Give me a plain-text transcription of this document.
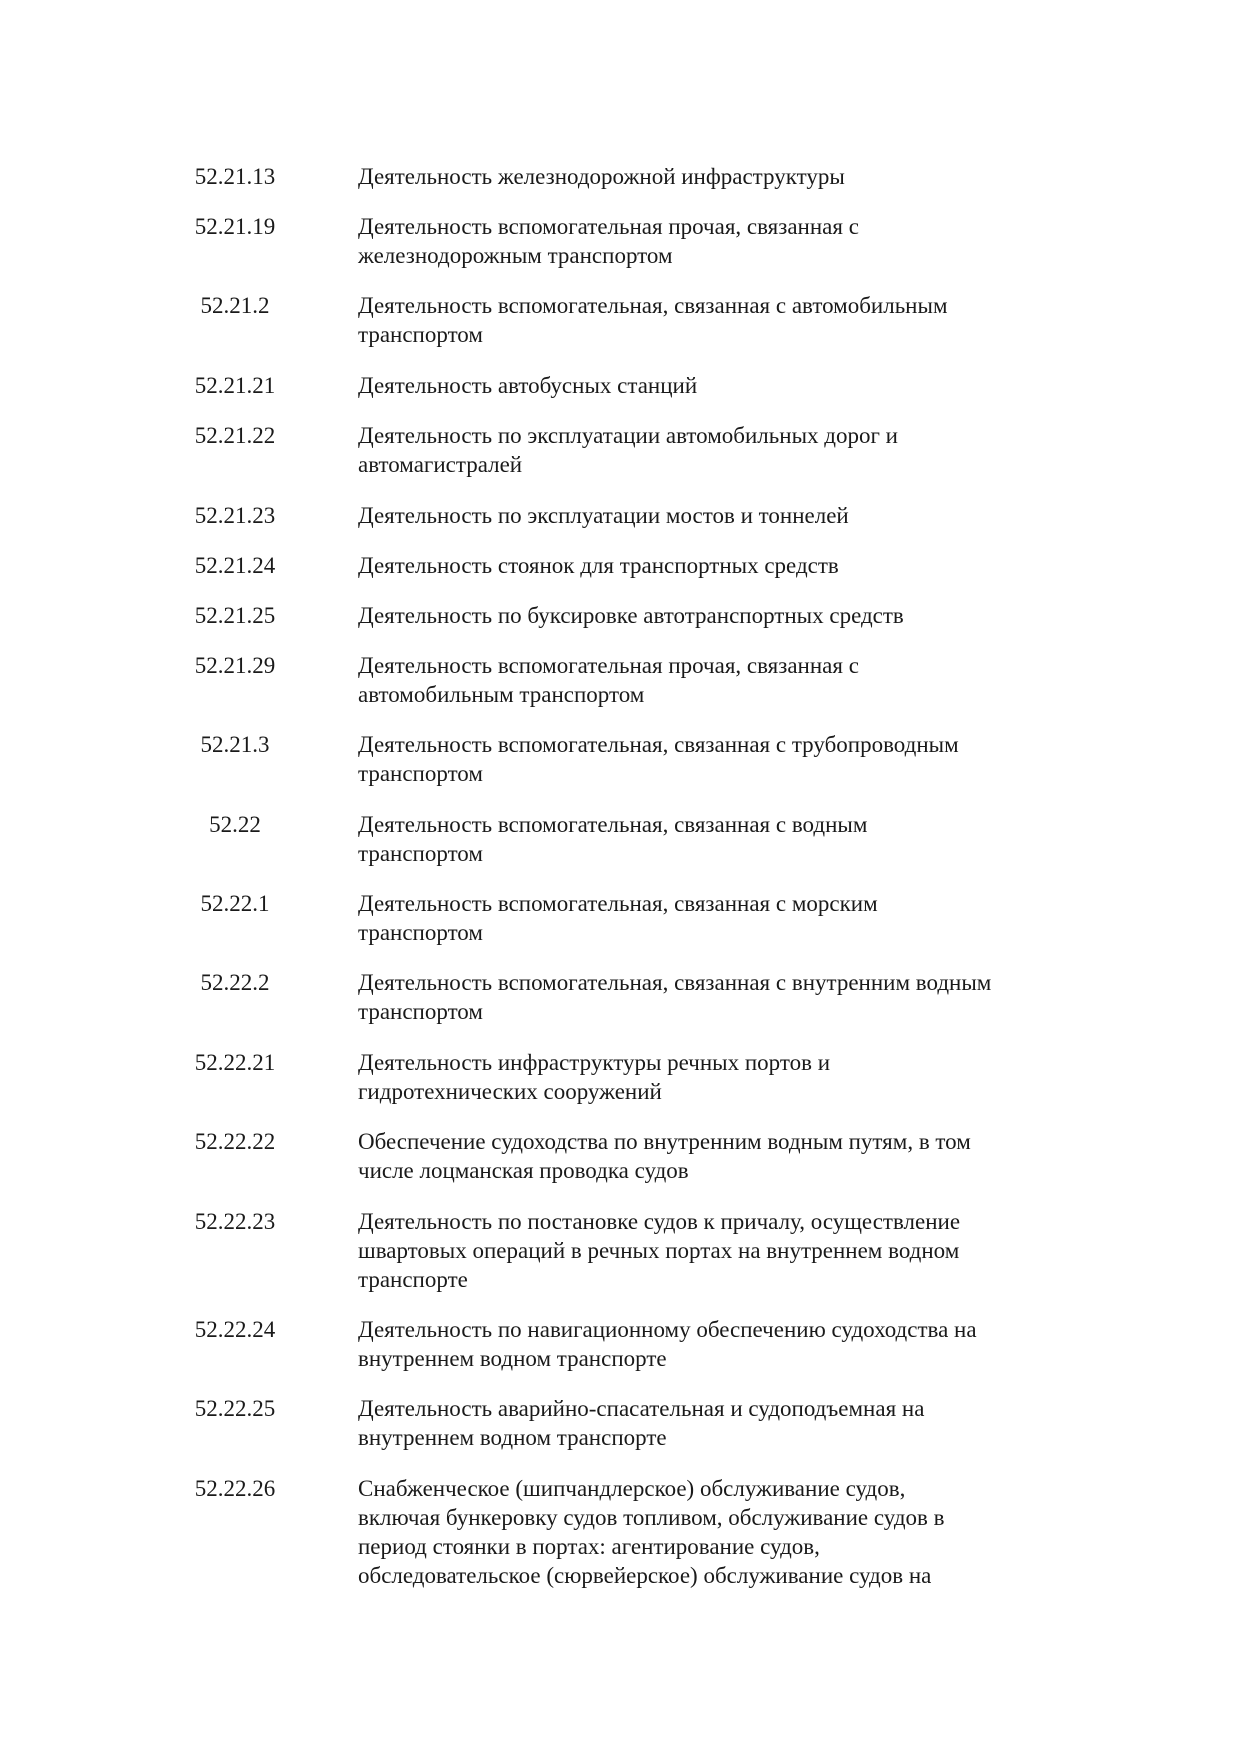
52.21.13	Деятельность железнодорожной инфраструктуры
52.21.19	Деятельность вспомогательная прочая, связанная с
железнодорожным транспортом
52.21.2	Деятельность вспомогательная, связанная с автомобильным
транспортом
52.21.21	Деятельность автобусных станций
52.21.22	Деятельность по эксплуатации автомобильных дорог и
автомагистралей
52.21.23	Деятельность по эксплуатации мостов и тоннелей
52.21.24	Деятельность стоянок для транспортных средств
52.21.25	Деятельность по буксировке автотранспортных средств
52.21.29	Деятельность вспомогательная прочая, связанная с
автомобильным транспортом
52.21.3	Деятельность вспомогательная, связанная с трубопроводным
транспортом
52.22	Деятельность вспомогательная, связанная с водным
транспортом
52.22.1	Деятельность вспомогательная, связанная с морским
транспортом
52.22.2	Деятельность вспомогательная, связанная с внутренним водным
транспортом
52.22.21	Деятельность инфраструктуры речных портов и
гидротехнических сооружений
52.22.22	Обеспечение судоходства по внутренним водным путям, в том
числе лоцманская проводка судов
52.22.23	Деятельность по постановке судов к причалу, осуществление
швартовых операций в речных портах на внутреннем водном
транспорте
52.22.24	Деятельность по навигационному обеспечению судоходства на
внутреннем водном транспорте
52.22.25	Деятельность аварийно-спасательная и судоподъемная на
внутреннем водном транспорте
52.22.26	Снабженческое (шипчандлерское) обслуживание судов,
включая бункеровку судов топливом, обслуживание судов в
период стоянки в портах: агентирование судов,
обследовательское (сюрвейерское) обслуживание судов на
